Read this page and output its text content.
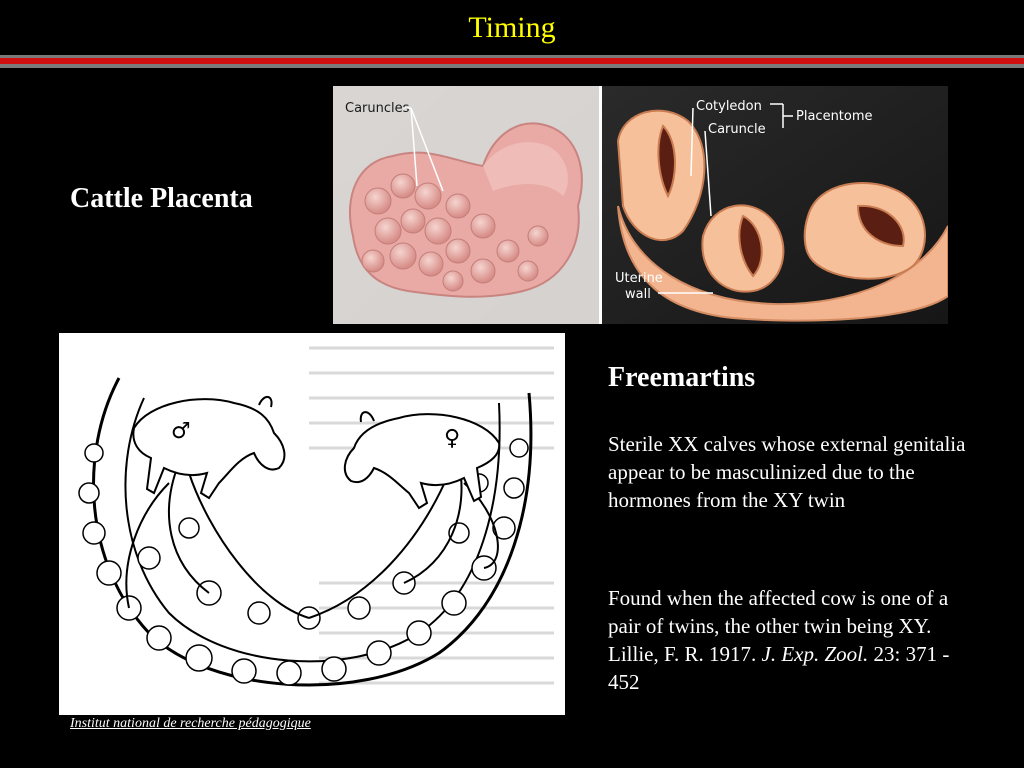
Timing
Cattle Placenta
Caruncles	Cotyledon
Caruncle
Placentome
Uterine
wall
♂	♀
Freemartins
Sterile XX calves whose external genitalia appear to be masculinized due to the hormones from the XY twin
Found when the affected cow is one of a pair of twins, the other twin being XY. Lillie, F. R. 1917. J. Exp. Zool. 23: 371 - 452
Institut national de recherche pédagogique
